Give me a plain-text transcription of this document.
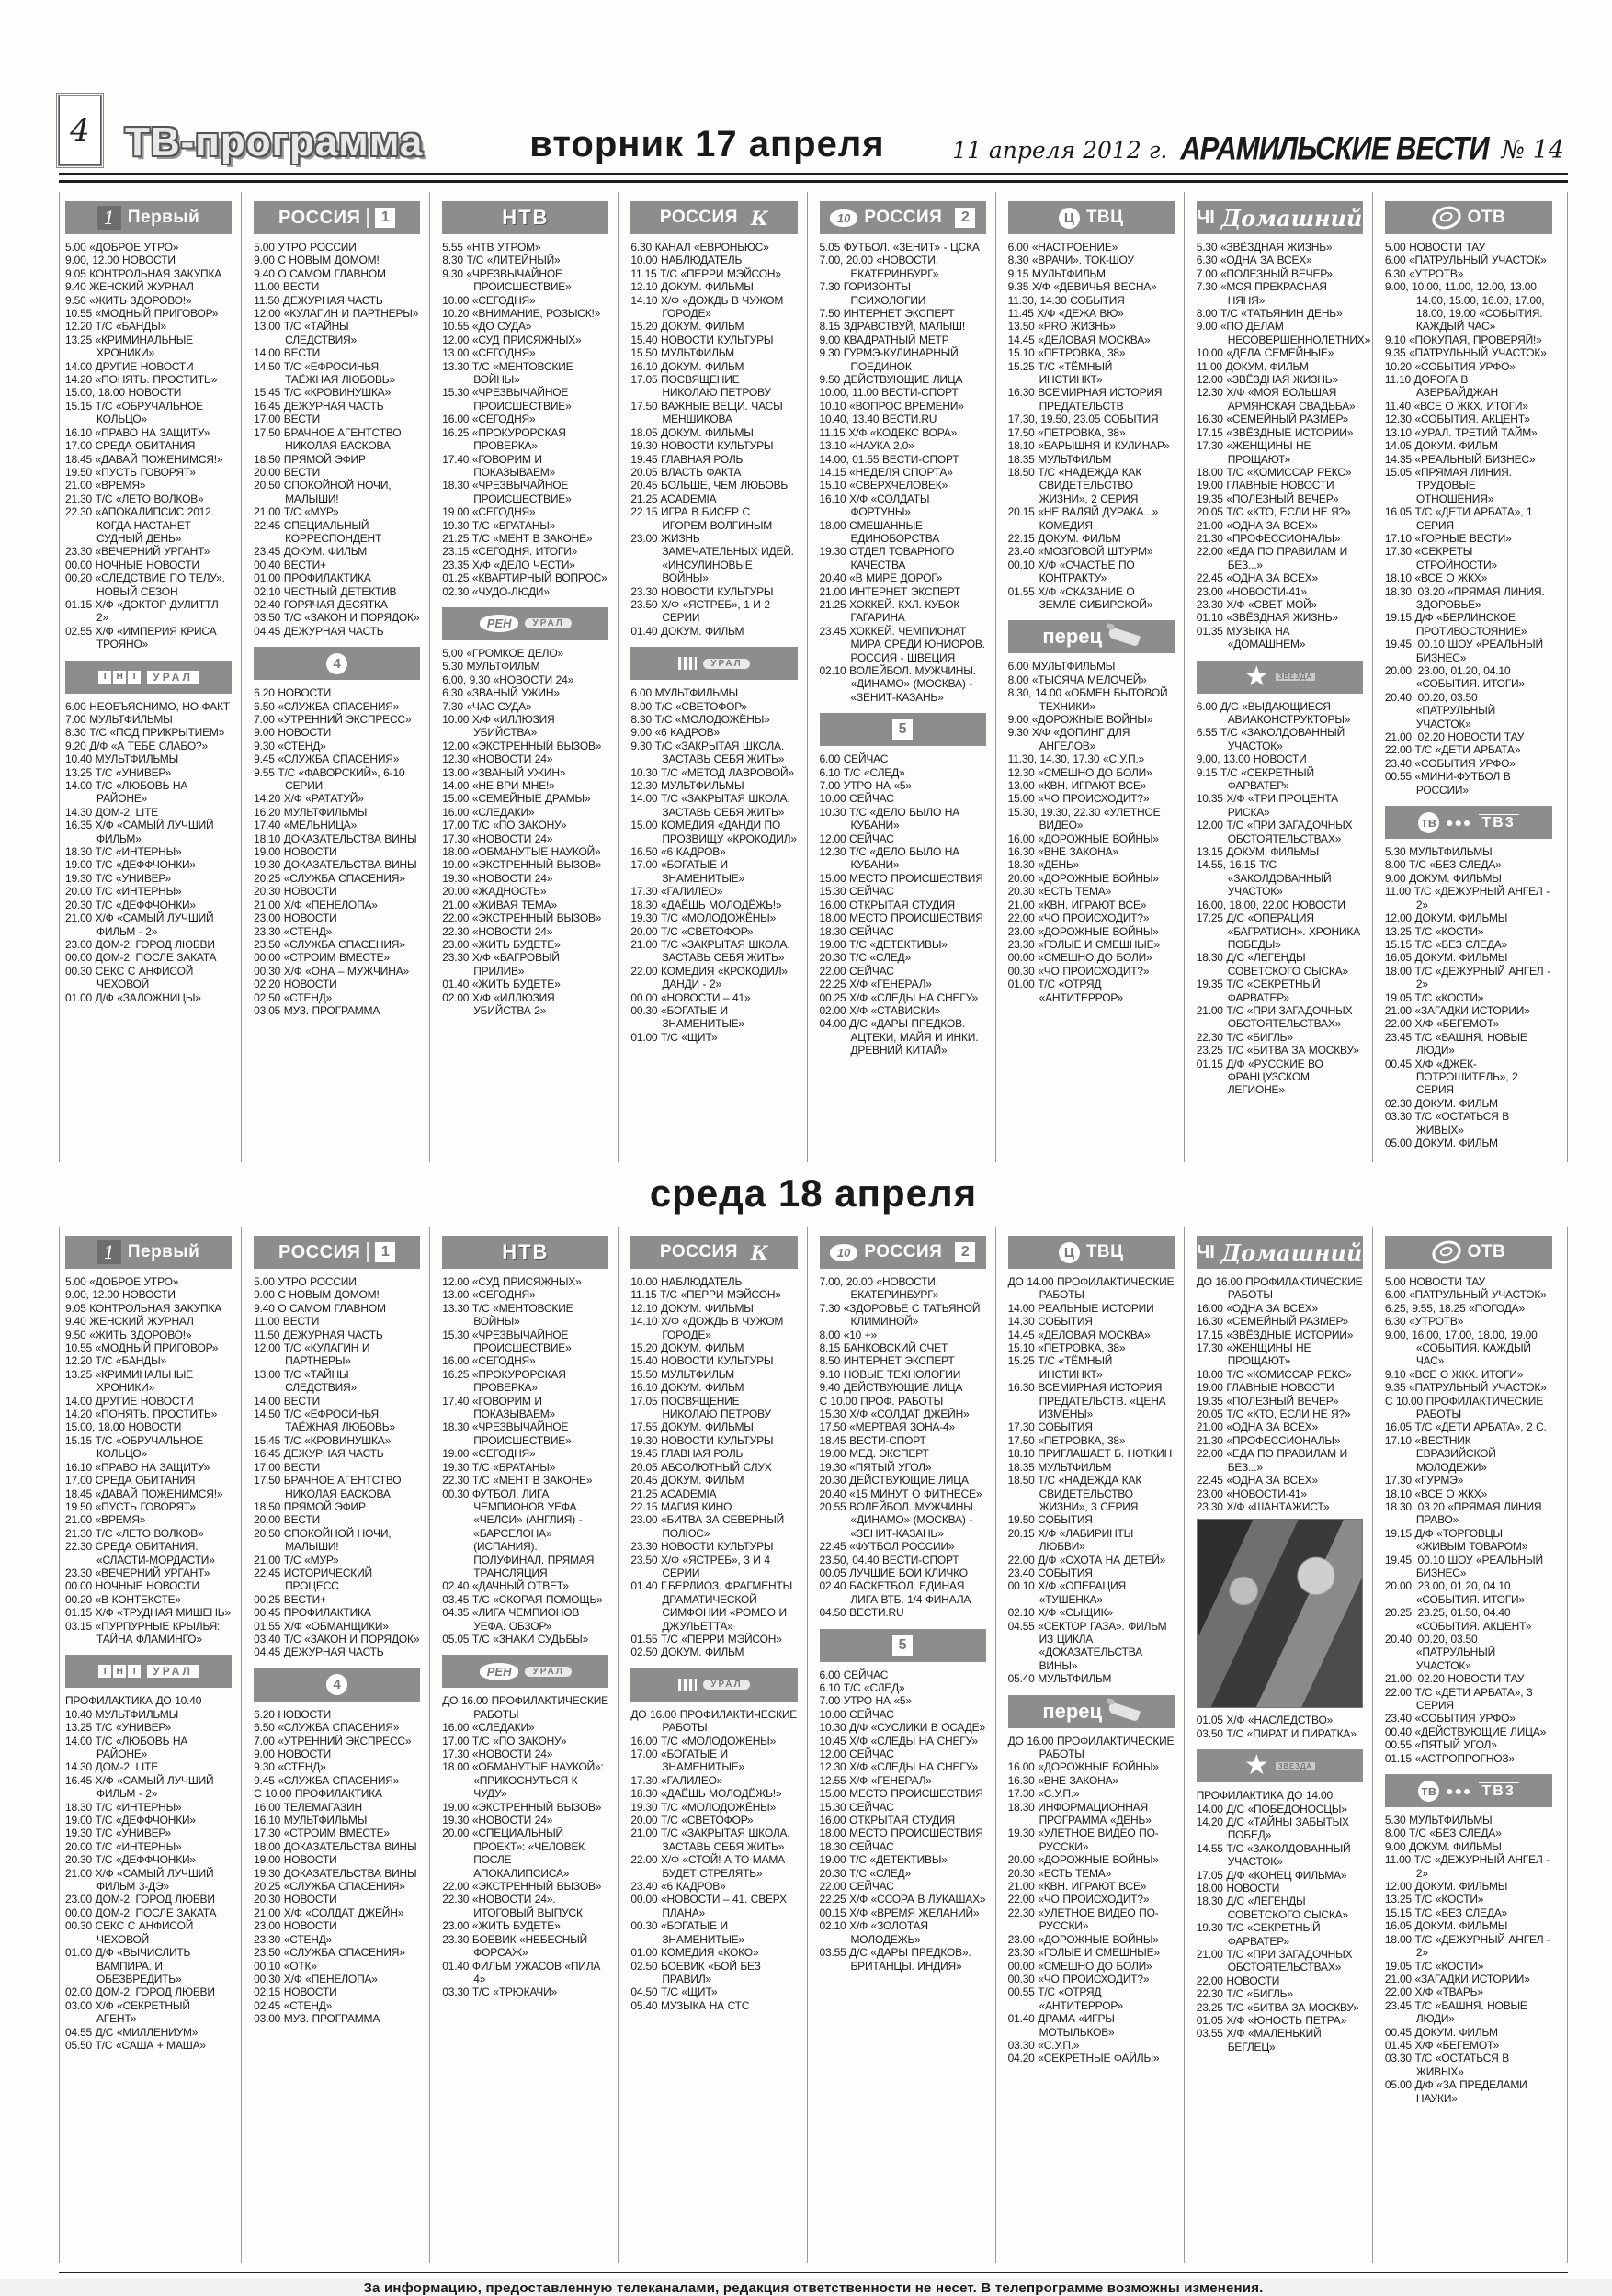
4 ТВ-программа	вторник 17 апреля	11 апреля 2012 г. АРАМИЛЬСКИЕ ВЕСТИ № 14
1 Первый
5.00 «ДОБРОЕ УТРО»
9.00, 12.00 НОВОСТИ
9.05 КОНТРОЛЬНАЯ ЗАКУПКА
9.40 ЖЕНСКИЙ ЖУРНАЛ
9.50 «ЖИТЬ ЗДОРОВО!»
10.55 «МОДНЫЙ ПРИГОВОР»
12.20 Т/С «БАНДЫ»
13.25 «КРИМИНАЛЬНЫЕ ХРОНИКИ»
14.00 ДРУГИЕ НОВОСТИ
14.20 «ПОНЯТЬ. ПРОСТИТЬ»
15.00, 18.00 НОВОСТИ
15.15 Т/С «ОБРУЧАЛЬНОЕ КОЛЬЦО»
16.10 «ПРАВО НА ЗАЩИТУ»
17.00 СРЕДА ОБИТАНИЯ
18.45 «ДАВАЙ ПОЖЕНИМСЯ!»
19.50 «ПУСТЬ ГОВОРЯТ»
21.00 «ВРЕМЯ»
21.30 Т/С «ЛЕТО ВОЛКОВ»
22.30 «АПОКАЛИПСИС 2012. КОГДА НАСТАНЕТ СУДНЫЙ ДЕНЬ»
23.30 «ВЕЧЕРНИЙ УРГАНТ»
00.00 НОЧНЫЕ НОВОСТИ
00.20 «СЛЕДСТВИЕ ПО ТЕЛУ». НОВЫЙ СЕЗОН
01.15 Х/Ф «ДОКТОР ДУЛИТТЛ 2»
02.55 Х/Ф «ИМПЕРИЯ КРИСА ТРОЯНО»
Т Н Т	УРАЛ
6.00 НЕОБЪЯСНИМО, НО ФАКТ
7.00 МУЛЬТФИЛЬМЫ
8.30 Т/С «ПОД ПРИКРЫТИЕМ»
9.20 Д/Ф «А ТЕБЕ СЛАБО?»
10.40 МУЛЬТФИЛЬМЫ
13.25 Т/С «УНИВЕР»
14.00 Т/С «ЛЮБОВЬ НА РАЙОНЕ»
14.30 ДОМ-2. LITE
16.35 Х/Ф «САМЫЙ ЛУЧШИЙ ФИЛЬМ»
18.30 Т/С «ИНТЕРНЫ»
19.00 Т/С «ДЕФФЧОНКИ»
19.30 Т/С «УНИВЕР»
20.00 Т/С «ИНТЕРНЫ»
20.30 Т/С «ДЕФФЧОНКИ»
21.00 Х/Ф «САМЫЙ ЛУЧШИЙ ФИЛЬМ - 2»
23.00 ДОМ-2. ГОРОД ЛЮБВИ
00.00 ДОМ-2. ПОСЛЕ ЗАКАТА
00.30 СЕКС С АНФИСОЙ ЧЕХОВОЙ
01.00 Д/Ф «ЗАЛОЖНИЦЫ»
РОССИЯ	1
5.00 УТРО РОССИИ
9.00 С НОВЫМ ДОМОМ!
9.40 О САМОМ ГЛАВНОМ
11.00 ВЕСТИ
11.50 ДЕЖУРНАЯ ЧАСТЬ
12.00 «КУЛАГИН И ПАРТНЕРЫ»
13.00 Т/С «ТАЙНЫ СЛЕДСТВИЯ»
14.00 ВЕСТИ
14.50 Т/С «ЕФРОСИНЬЯ. ТАЁЖНАЯ ЛЮБОВЬ»
15.45 Т/С «КРОВИНУШКА»
16.45 ДЕЖУРНАЯ ЧАСТЬ
17.00 ВЕСТИ
17.50 БРАЧНОЕ АГЕНТСТВО НИКОЛАЯ БАСКОВА
18.50 ПРЯМОЙ ЭФИР
20.00 ВЕСТИ
20.50 СПОКОЙНОЙ НОЧИ, МАЛЫШИ!
21.00 Т/С «МУР»
22.45 СПЕЦИАЛЬНЫЙ КОРРЕСПОНДЕНТ
23.45 ДОКУМ. ФИЛЬМ
00.40 ВЕСТИ+
01.00 ПРОФИЛАКТИКА
02.10 ЧЕСТНЫЙ ДЕТЕКТИВ
02.40 ГОРЯЧАЯ ДЕСЯТКА
03.50 Т/С «ЗАКОН И ПОРЯДОК»
04.45 ДЕЖУРНАЯ ЧАСТЬ
4
6.20 НОВОСТИ
6.50 «СЛУЖБА СПАСЕНИЯ»
7.00 «УТРЕННИЙ ЭКСПРЕСС»
9.00 НОВОСТИ
9.30 «СТЕНД»
9.45 «СЛУЖБА СПАСЕНИЯ»
9.55 Т/С «ФАВОРСКИЙ», 6-10 СЕРИИ
14.20 Х/Ф «РАТАТУЙ»
16.20 МУЛЬТФИЛЬМЫ
17.40 «МЕЛЬНИЦА»
18.10 ДОКАЗАТЕЛЬСТВА ВИНЫ
19.00 НОВОСТИ
19.30 ДОКАЗАТЕЛЬСТВА ВИНЫ
20.25 «СЛУЖБА СПАСЕНИЯ»
20.30 НОВОСТИ
21.00 Х/Ф «ПЕНЕЛОПА»
23.00 НОВОСТИ
23.30 «СТЕНД»
23.50 «СЛУЖБА СПАСЕНИЯ»
00.00 «СТРОИМ ВМЕСТЕ»
00.30 Х/Ф «ОНА – МУЖЧИНА»
02.20 НОВОСТИ
02.50 «СТЕНД»
03.05 МУЗ. ПРОГРАММА
НТВ
5.55 «НТВ УТРОМ»
8.30 Т/С «ЛИТЕЙНЫЙ»
9.30 «ЧРЕЗВЫЧАЙНОЕ ПРОИСШЕСТВИЕ»
10.00 «СЕГОДНЯ»
10.20 «ВНИМАНИЕ, РОЗЫСК!»
10.55 «ДО СУДА»
12.00 «СУД ПРИСЯЖНЫХ»
13.00 «СЕГОДНЯ»
13.30 Т/С «МЕНТОВСКИЕ ВОЙНЫ»
15.30 «ЧРЕЗВЫЧАЙНОЕ ПРОИСШЕСТВИЕ»
16.00 «СЕГОДНЯ»
16.25 «ПРОКУРОРСКАЯ ПРОВЕРКА»
17.40 «ГОВОРИМ И ПОКАЗЫВАЕМ»
18.30 «ЧРЕЗВЫЧАЙНОЕ ПРОИСШЕСТВИЕ»
19.00 «СЕГОДНЯ»
19.30 Т/С «БРАТАНЫ»
21.25 Т/С «МЕНТ В ЗАКОНЕ»
23.15 «СЕГОДНЯ. ИТОГИ»
23.35 Х/Ф «ДЕЛО ЧЕСТИ»
01.25 «КВАРТИРНЫЙ ВОПРОС»
02.30 «ЧУДО-ЛЮДИ»
РЕН	УРАЛ
5.00 «ГРОМКОЕ ДЕЛО»
5.30 МУЛЬТФИЛЬМ
6.00, 9.30 «НОВОСТИ 24»
6.30 «ЗВАНЫЙ УЖИН»
7.30 «ЧАС СУДА»
10.00 Х/Ф «ИЛЛЮЗИЯ УБИЙСТВА»
12.00 «ЭКСТРЕННЫЙ ВЫЗОВ»
12.30 «НОВОСТИ 24»
13.00 «ЗВАНЫЙ УЖИН»
14.00 «НЕ ВРИ МНЕ!»
15.00 «СЕМЕЙНЫЕ ДРАМЫ»
16.00 «СЛЕДАКИ»
17.00 Т/С «ПО ЗАКОНУ»
17.30 «НОВОСТИ 24»
18.00 «ОБМАНУТЫЕ НАУКОЙ»
19.00 «ЭКСТРЕННЫЙ ВЫЗОВ»
19.30 «НОВОСТИ 24»
20.00 «ЖАДНОСТЬ»
21.00 «ЖИВАЯ ТЕМА»
22.00 «ЭКСТРЕННЫЙ ВЫЗОВ»
22.30 «НОВОСТИ 24»
23.00 «ЖИТЬ БУДЕТЕ»
23.30 Х/Ф «БАГРОВЫЙ ПРИЛИВ»
01.40 «ЖИТЬ БУДЕТЕ»
02.00 Х/Ф «ИЛЛЮЗИЯ УБИЙСТВА 2»
РОССИЯ К
6.30 КАНАЛ «ЕВРОНЬЮС»
10.00 НАБЛЮДАТЕЛЬ
11.15 Т/С «ПЕРРИ МЭЙСОН»
12.10 ДОКУМ. ФИЛЬМЫ
14.10 Х/Ф «ДОЖДЬ В ЧУЖОМ ГОРОДЕ»
15.20 ДОКУМ. ФИЛЬМ
15.40 НОВОСТИ КУЛЬТУРЫ
15.50 МУЛЬТФИЛЬМ
16.10 ДОКУМ. ФИЛЬМ
17.05 ПОСВЯЩЕНИЕ НИКОЛАЮ ПЕТРОВУ
17.50 ВАЖНЫЕ ВЕЩИ. ЧАСЫ МЕНШИКОВА
18.05 ДОКУМ. ФИЛЬМЫ
19.30 НОВОСТИ КУЛЬТУРЫ
19.45 ГЛАВНАЯ РОЛЬ
20.05 ВЛАСТЬ ФАКТА
20.45 БОЛЬШЕ, ЧЕМ ЛЮБОВЬ
21.25 ACADEMIA
22.15 ИГРА В БИСЕР С ИГОРЕМ ВОЛГИНЫМ
23.00 ЖИЗНЬ ЗАМЕЧАТЕЛЬНЫХ ИДЕЙ. «ИНСУЛИНОВЫЕ ВОЙНЫ»
23.30 НОВОСТИ КУЛЬТУРЫ
23.50 Х/Ф «ЯСТРЕБ», 1 И 2 СЕРИИ
01.40 ДОКУМ. ФИЛЬМ
УРАЛ
6.00 МУЛЬТФИЛЬМЫ
8.00 Т/С «СВЕТОФОР»
8.30 Т/С «МОЛОДОЖЁНЫ»
9.00 «6 КАДРОВ»
9.30 Т/С «ЗАКРЫТАЯ ШКОЛА. ЗАСТАВЬ СЕБЯ ЖИТЬ»
10.30 Т/С «МЕТОД ЛАВРОВОЙ»
12.30 МУЛЬТФИЛЬМЫ
14.00 Т/С «ЗАКРЫТАЯ ШКОЛА. ЗАСТАВЬ СЕБЯ ЖИТЬ»
15.00 КОМЕДИЯ «ДАНДИ ПО ПРОЗВИЩУ «КРОКОДИЛ»
16.50 «6 КАДРОВ»
17.00 «БОГАТЫЕ И ЗНАМЕНИТЫЕ»
17.30 «ГАЛИЛЕО»
18.30 «ДАЁШЬ МОЛОДЁЖЬ!»
19.30 Т/С «МОЛОДОЖЁНЫ»
20.00 Т/С «СВЕТОФОР»
21.00 Т/С «ЗАКРЫТАЯ ШКОЛА. ЗАСТАВЬ СЕБЯ ЖИТЬ»
22.00 КОМЕДИЯ «КРОКОДИЛ» ДАНДИ - 2»
00.00 «НОВОСТИ – 41»
00.30 «БОГАТЫЕ И ЗНАМЕНИТЫЕ»
01.00 Т/С «ЩИТ»
10 РОССИЯ	2
5.05 ФУТБОЛ. «ЗЕНИТ» - ЦСКА
7.00, 20.00 «НОВОСТИ. ЕКАТЕРИНБУРГ»
7.30 ГОРИЗОНТЫ ПСИХОЛОГИИ
7.50 ИНТЕРНЕТ ЭКСПЕРТ
8.15 ЗДРАВСТВУЙ, МАЛЫШ!
9.00 КВАДРАТНЫЙ МЕТР
9.30 ГУРМЭ-КУЛИНАРНЫЙ ПОЕДИНОК
9.50 ДЕЙСТВУЮЩИЕ ЛИЦА
10.00, 11.00 ВЕСТИ-СПОРТ
10.10 «ВОПРОС ВРЕМЕНИ»
10.40, 13.40 ВЕСТИ.RU
11.15 Х/Ф «КОДЕКС ВОРА»
13.10 «НАУКА 2.0»
14.00, 01.55 ВЕСТИ-СПОРТ
14.15 «НЕДЕЛЯ СПОРТА»
15.10 «СВЕРХЧЕЛОВЕК»
16.10 Х/Ф «СОЛДАТЫ ФОРТУНЫ»
18.00 СМЕШАННЫЕ ЕДИНОБОРСТВА
19.30 ОТДЕЛ ТОВАРНОГО КАЧЕСТВА
20.40 «В МИРЕ ДОРОГ»
21.00 ИНТЕРНЕТ ЭКСПЕРТ
21.25 ХОККЕЙ. КХЛ. КУБОК ГАГАРИНА
23.45 ХОККЕЙ. ЧЕМПИОНАТ МИРА СРЕДИ ЮНИОРОВ. РОССИЯ - ШВЕЦИЯ
02.10 ВОЛЕЙБОЛ. МУЖЧИНЫ. «ДИНАМО» (МОСКВА) - «ЗЕНИТ-КАЗАНЬ»
5
6.00 СЕЙЧАС
6.10 Т/С «СЛЕД»
7.00 УТРО НА «5»
10.00 СЕЙЧАС
10.30 Т/С «ДЕЛО БЫЛО НА КУБАНИ»
12.00 СЕЙЧАС
12.30 Т/С «ДЕЛО БЫЛО НА КУБАНИ»
15.00 МЕСТО ПРОИСШЕСТВИЯ
15.30 СЕЙЧАС
16.00 ОТКРЫТАЯ СТУДИЯ
18.00 МЕСТО ПРОИСШЕСТВИЯ
18.30 СЕЙЧАС
19.00 Т/С «ДЕТЕКТИВЫ»
20.30 Т/С «СЛЕД»
22.00 СЕЙЧАС
22.25 Х/Ф «ГЕНЕРАЛ»
00.25 Х/Ф «СЛЕДЫ НА СНЕГУ»
02.00 Х/Ф «СТАВИСКИ»
04.00 Д/С «ДАРЫ ПРЕДКОВ. АЦТЕКИ, МАЙЯ И ИНКИ. ДРЕВНИЙ КИТАЙ»
Ц ТВЦ
6.00 «НАСТРОЕНИЕ»
8.30 «ВРАЧИ». ТОК-ШОУ
9.15 МУЛЬТФИЛЬМ
9.35 Х/Ф «ДЕВИЧЬЯ ВЕСНА»
11.30, 14.30 СОБЫТИЯ
11.45 Х/Ф «ДЕЖА ВЮ»
13.50 «PRO ЖИЗНЬ»
14.45 «ДЕЛОВАЯ МОСКВА»
15.10 «ПЕТРОВКА, 38»
15.25 Т/С «ТЁМНЫЙ ИНСТИНКТ»
16.30 ВСЕМИРНАЯ ИСТОРИЯ ПРЕДАТЕЛЬСТВ
17.30, 19.50, 23.05 СОБЫТИЯ
17.50 «ПЕТРОВКА, 38»
18.10 «БАРЫШНЯ И КУЛИНАР»
18.35 МУЛЬТФИЛЬМ
18.50 Т/С «НАДЕЖДА КАК СВИДЕТЕЛЬСТВО ЖИЗНИ», 2 СЕРИЯ
20.15 «НЕ ВАЛЯЙ ДУРАКА...» КОМЕДИЯ
22.15 ДОКУМ. ФИЛЬМ
23.40 «МОЗГОВОЙ ШТУРМ»
00.10 Х/Ф «СЧАСТЬЕ ПО КОНТРАКТУ»
01.55 Х/Ф «СКАЗАНИЕ О ЗЕМЛЕ СИБИРСКОЙ»
перец
6.00 МУЛЬТФИЛЬМЫ
8.00 «ТЫСЯЧА МЕЛОЧЕЙ»
8.30, 14.00 «ОБМЕН БЫТОВОЙ ТЕХНИКИ»
9.00 «ДОРОЖНЫЕ ВОЙНЫ»
9.30 Х/Ф «ДОПИНГ ДЛЯ АНГЕЛОВ»
11.30, 14.30, 17.30 «С.У.П.»
12.30 «СМЕШНО ДО БОЛИ»
13.00 «КВН. ИГРАЮТ ВСЕ»
15.00 «ЧО ПРОИСХОДИТ?»
15.30, 19.30, 22.30 «УЛЕТНОЕ ВИДЕО»
16.00 «ДОРОЖНЫЕ ВОЙНЫ»
16.30 «ВНЕ ЗАКОНА»
18.30 «ДЕНЬ»
20.00 «ДОРОЖНЫЕ ВОЙНЫ»
20.30 «ЕСТЬ ТЕМА»
21.00 «КВН. ИГРАЮТ ВСЕ»
22.00 «ЧО ПРОИСХОДИТ?»
23.00 «ДОРОЖНЫЕ ВОЙНЫ»
23.30 «ГОЛЫЕ И СМЕШНЫЕ»
00.00 «СМЕШНО ДО БОЛИ»
00.30 «ЧО ПРОИСХОДИТ?»
01.00 Т/С «ОТРЯД «АНТИТЕРРОР»
ЧІ Домашний
5.30 «ЗВЁЗДНАЯ ЖИЗНЬ»
6.30 «ОДНА ЗА ВСЕХ»
7.00 «ПОЛЕЗНЫЙ ВЕЧЕР»
7.30 «МОЯ ПРЕКРАСНАЯ НЯНЯ»
8.00 Т/С «ТАТЬЯНИН ДЕНЬ»
9.00 «ПО ДЕЛАМ НЕСОВЕРШЕННОЛЕТНИХ»
10.00 «ДЕЛА СЕМЕЙНЫЕ»
11.00 ДОКУМ. ФИЛЬМ
12.00 «ЗВЁЗДНАЯ ЖИЗНЬ»
12.30 Х/Ф «МОЯ БОЛЬШАЯ АРМЯНСКАЯ СВАДЬБА»
16.30 «СЕМЕЙНЫЙ РАЗМЕР»
17.15 «ЗВЁЗДНЫЕ ИСТОРИИ»
17.30 «ЖЕНЩИНЫ НЕ ПРОЩАЮТ»
18.00 Т/С «КОМИССАР РЕКС»
19.00 ГЛАВНЫЕ НОВОСТИ
19.35 «ПОЛЕЗНЫЙ ВЕЧЕР»
20.05 Т/С «КТО, ЕСЛИ НЕ Я?»
21.00 «ОДНА ЗА ВСЕХ»
21.30 «ПРОФЕССИОНАЛЫ»
22.00 «ЕДА ПО ПРАВИЛАМ И БЕЗ...»
22.45 «ОДНА ЗА ВСЕХ»
23.00 «НОВОСТИ-41»
23.30 Х/Ф «СВЕТ МОЙ»
01.10 «ЗВЁЗДНАЯ ЖИЗНЬ»
01.35 МУЗЫКА НА «ДОМАШНЕМ»
★	ЗВЕЗДА
6.00 Д/С «ВЫДАЮЩИЕСЯ АВИАКОНСТРУКТОРЫ»
6.55 Т/С «ЗАКОЛДОВАННЫЙ УЧАСТОК»
9.00, 13.00 НОВОСТИ
9.15 Т/С «СЕКРЕТНЫЙ ФАРВАТЕР»
10.35 Х/Ф «ТРИ ПРОЦЕНТА РИСКА»
12.00 Т/С «ПРИ ЗАГАДОЧНЫХ ОБСТОЯТЕЛЬСТВАХ»
13.15 ДОКУМ. ФИЛЬМЫ
14.55, 16.15 Т/С «ЗАКОЛДОВАННЫЙ УЧАСТОК»
16.00, 18.00, 22.00 НОВОСТИ
17.25 Д/С «ОПЕРАЦИЯ «БАГРАТИОН». ХРОНИКА ПОБЕДЫ»
18.30 Д/С «ЛЕГЕНДЫ СОВЕТСКОГО СЫСКА»
19.35 Т/С «СЕКРЕТНЫЙ ФАРВАТЕР»
21.00 Т/С «ПРИ ЗАГАДОЧНЫХ ОБСТОЯТЕЛЬСТВАХ»
22.30 Т/С «БИГЛЬ»
23.25 Т/С «БИТВА ЗА МОСКВУ»
01.15 Д/Ф «РУССКИЕ ВО ФРАНЦУЗСКОМ ЛЕГИОНЕ»
ОТВ
5.00 НОВОСТИ ТАУ
6.00 «ПАТРУЛЬНЫЙ УЧАСТОК»
6.30 «УТРОТВ»
9.00, 10.00, 11.00, 12.00, 13.00, 14.00, 15.00, 16.00, 17.00, 18.00, 19.00 «СОБЫТИЯ. КАЖДЫЙ ЧАС»
9.10 «ПОКУПАЯ, ПРОВЕРЯЙ!»
9.35 «ПАТРУЛЬНЫЙ УЧАСТОК»
10.20 «СОБЫТИЯ УРФО»
11.10 ДОРОГА В АЗЕРБАЙДЖАН
11.40 «ВСЕ О ЖКХ. ИТОГИ»
12.30 «СОБЫТИЯ. АКЦЕНТ»
13.10 «УРАЛ. ТРЕТИЙ ТАЙМ»
14.05 ДОКУМ. ФИЛЬМ
14.35 «РЕАЛЬНЫЙ БИЗНЕС»
15.05 «ПРЯМАЯ ЛИНИЯ. ТРУДОВЫЕ ОТНОШЕНИЯ»
16.05 Т/С «ДЕТИ АРБАТА», 1 СЕРИЯ
17.10 «ГОРНЫЕ ВЕСТИ»
17.30 «СЕКРЕТЫ СТРОЙНОСТИ»
18.10 «ВСЕ О ЖКХ»
18.30, 03.20 «ПРЯМАЯ ЛИНИЯ. ЗДОРОВЬЕ»
19.15 Д/Ф «БЕРЛИНСКОЕ ПРОТИВОСТОЯНИЕ»
19.45, 00.10 ШОУ «РЕАЛЬНЫЙ БИЗНЕС»
20.00, 23.00, 01.20, 04.10 «СОБЫТИЯ. ИТОГИ»
20.40, 00.20, 03.50 «ПАТРУЛЬНЫЙ УЧАСТОК»
21.00, 02.20 НОВОСТИ ТАУ
22.00 Т/С «ДЕТИ АРБАТА»
23.40 «СОБЫТИЯ УРФО»
00.55 «МИНИ-ФУТБОЛ В РОССИИ»
тв ●●● ТВ3
5.30 МУЛЬТФИЛЬМЫ
8.00 Т/С «БЕЗ СЛЕДА»
9.00 ДОКУМ. ФИЛЬМЫ
11.00 Т/С «ДЕЖУРНЫЙ АНГЕЛ - 2»
12.00 ДОКУМ. ФИЛЬМЫ
13.25 Т/С «КОСТИ»
15.15 Т/С «БЕЗ СЛЕДА»
16.05 ДОКУМ. ФИЛЬМЫ
18.00 Т/С «ДЕЖУРНЫЙ АНГЕЛ - 2»
19.05 Т/С «КОСТИ»
21.00 «ЗАГАДКИ ИСТОРИИ»
22.00 Х/Ф «БЕГЕМОТ»
23.45 Т/С «БАШНЯ. НОВЫЕ ЛЮДИ»
00.45 Х/Ф «ДЖЕК-ПОТРОШИТЕЛЬ», 2 СЕРИЯ
02.30 ДОКУМ. ФИЛЬМ
03.30 Т/С «ОСТАТЬСЯ В ЖИВЫХ»
05.00 ДОКУМ. ФИЛЬМ
среда 18 апреля
1 Первый
5.00 «ДОБРОЕ УТРО»
9.00, 12.00 НОВОСТИ
9.05 КОНТРОЛЬНАЯ ЗАКУПКА
9.40 ЖЕНСКИЙ ЖУРНАЛ
9.50 «ЖИТЬ ЗДОРОВО!»
10.55 «МОДНЫЙ ПРИГОВОР»
12.20 Т/С «БАНДЫ»
13.25 «КРИМИНАЛЬНЫЕ ХРОНИКИ»
14.00 ДРУГИЕ НОВОСТИ
14.20 «ПОНЯТЬ. ПРОСТИТЬ»
15.00, 18.00 НОВОСТИ
15.15 Т/С «ОБРУЧАЛЬНОЕ КОЛЬЦО»
16.10 «ПРАВО НА ЗАЩИТУ»
17.00 СРЕДА ОБИТАНИЯ
18.45 «ДАВАЙ ПОЖЕНИМСЯ!»
19.50 «ПУСТЬ ГОВОРЯТ»
21.00 «ВРЕМЯ»
21.30 Т/С «ЛЕТО ВОЛКОВ»
22.30 СРЕДА ОБИТАНИЯ. «СЛАСТИ-МОРДАСТИ»
23.30 «ВЕЧЕРНИЙ УРГАНТ»
00.00 НОЧНЫЕ НОВОСТИ
00.20 «В КОНТЕКСТЕ»
01.15 Х/Ф «ТРУДНАЯ МИШЕНЬ»
03.15 «ПУРПУРНЫЕ КРЫЛЬЯ: ТАЙНА ФЛАМИНГО»
Т Н Т	УРАЛ
ПРОФИЛАКТИКА ДО 10.40
10.40 МУЛЬТФИЛЬМЫ
13.25 Т/С «УНИВЕР»
14.00 Т/С «ЛЮБОВЬ НА РАЙОНЕ»
14.30 ДОМ-2. LITE
16.45 Х/Ф «САМЫЙ ЛУЧШИЙ ФИЛЬМ - 2»
18.30 Т/С «ИНТЕРНЫ»
19.00 Т/С «ДЕФФЧОНКИ»
19.30 Т/С «УНИВЕР»
20.00 Т/С «ИНТЕРНЫ»
20.30 Т/С «ДЕФФЧОНКИ»
21.00 Х/Ф «САМЫЙ ЛУЧШИЙ ФИЛЬМ 3-ДЭ»
23.00 ДОМ-2. ГОРОД ЛЮБВИ
00.00 ДОМ-2. ПОСЛЕ ЗАКАТА
00.30 СЕКС С АНФИСОЙ ЧЕХОВОЙ
01.00 Д/Ф «ВЫЧИСЛИТЬ ВАМПИРА. И ОБЕЗВРЕДИТЬ»
02.00 ДОМ-2. ГОРОД ЛЮБВИ
03.00 Х/Ф «СЕКРЕТНЫЙ АГЕНТ»
04.55 Д/С «МИЛЛЕНИУМ»
05.50 Т/С «САША + МАША»
РОССИЯ	1
5.00 УТРО РОССИИ
9.00 С НОВЫМ ДОМОМ!
9.40 О САМОМ ГЛАВНОМ
11.00 ВЕСТИ
11.50 ДЕЖУРНАЯ ЧАСТЬ
12.00 Т/С «КУЛАГИН И ПАРТНЕРЫ»
13.00 Т/С «ТАЙНЫ СЛЕДСТВИЯ»
14.00 ВЕСТИ
14.50 Т/С «ЕФРОСИНЬЯ. ТАЁЖНАЯ ЛЮБОВЬ»
15.45 Т/С «КРОВИНУШКА»
16.45 ДЕЖУРНАЯ ЧАСТЬ
17.00 ВЕСТИ
17.50 БРАЧНОЕ АГЕНТСТВО НИКОЛАЯ БАСКОВА
18.50 ПРЯМОЙ ЭФИР
20.00 ВЕСТИ
20.50 СПОКОЙНОЙ НОЧИ, МАЛЫШИ!
21.00 Т/С «МУР»
22.45 ИСТОРИЧЕСКИЙ ПРОЦЕСС
00.25 ВЕСТИ+
00.45 ПРОФИЛАКТИКА
01.55 Х/Ф «ОБМАНЩИКИ»
03.40 Т/С «ЗАКОН И ПОРЯДОК»
04.45 ДЕЖУРНАЯ ЧАСТЬ
4
6.20 НОВОСТИ
6.50 «СЛУЖБА СПАСЕНИЯ»
7.00 «УТРЕННИЙ ЭКСПРЕСС»
9.00 НОВОСТИ
9.30 «СТЕНД»
9.45 «СЛУЖБА СПАСЕНИЯ»
С 10.00 ПРОФИЛАКТИКА
16.00 ТЕЛЕМАГАЗИН
16.10 МУЛЬТФИЛЬМЫ
17.30 «СТРОИМ ВМЕСТЕ»
18.00 ДОКАЗАТЕЛЬСТВА ВИНЫ
19.00 НОВОСТИ
19.30 ДОКАЗАТЕЛЬСТВА ВИНЫ
20.25 «СЛУЖБА СПАСЕНИЯ»
20.30 НОВОСТИ
21.00 Х/Ф «СОЛДАТ ДЖЕЙН»
23.00 НОВОСТИ
23.30 «СТЕНД»
23.50 «СЛУЖБА СПАСЕНИЯ»
00.10 «ОТК»
00.30 Х/Ф «ПЕНЕЛОПА»
02.15 НОВОСТИ
02.45 «СТЕНД»
03.00 МУЗ. ПРОГРАММА
НТВ
12.00 «СУД ПРИСЯЖНЫХ»
13.00 «СЕГОДНЯ»
13.30 Т/С «МЕНТОВСКИЕ ВОЙНЫ»
15.30 «ЧРЕЗВЫЧАЙНОЕ ПРОИСШЕСТВИЕ»
16.00 «СЕГОДНЯ»
16.25 «ПРОКУРОРСКАЯ ПРОВЕРКА»
17.40 «ГОВОРИМ И ПОКАЗЫВАЕМ»
18.30 «ЧРЕЗВЫЧАЙНОЕ ПРОИСШЕСТВИЕ»
19.00 «СЕГОДНЯ»
19.30 Т/С «БРАТАНЫ»
22.30 Т/С «МЕНТ В ЗАКОНЕ»
00.30 ФУТБОЛ. ЛИГА ЧЕМПИОНОВ УЕФА. «ЧЕЛСИ» (АНГЛИЯ) - «БАРСЕЛОНА» (ИСПАНИЯ). ПОЛУФИНАЛ. ПРЯМАЯ ТРАНСЛЯЦИЯ
02.40 «ДАЧНЫЙ ОТВЕТ»
03.45 Т/С «СКОРАЯ ПОМОЩЬ»
04.35 «ЛИГА ЧЕМПИОНОВ УЕФА. ОБЗОР»
05.05 Т/С «ЗНАКИ СУДЬБЫ»
РЕН	УРАЛ
ДО 16.00 ПРОФИЛАКТИЧЕСКИЕ РАБОТЫ
16.00 «СЛЕДАКИ»
17.00 Т/С «ПО ЗАКОНУ»
17.30 «НОВОСТИ 24»
18.00 «ОБМАНУТЫЕ НАУКОЙ»: «ПРИКОСНУТЬСЯ К ЧУДУ»
19.00 «ЭКСТРЕННЫЙ ВЫЗОВ»
19.30 «НОВОСТИ 24»
20.00 «СПЕЦИАЛЬНЫЙ ПРОЕКТ»: «ЧЕЛОВЕК ПОСЛЕ АПОКАЛИПСИСА»
22.00 «ЭКСТРЕННЫЙ ВЫЗОВ»
22.30 «НОВОСТИ 24». ИТОГОВЫЙ ВЫПУСК
23.00 «ЖИТЬ БУДЕТЕ»
23.30 БОЕВИК «НЕБЕСНЫЙ ФОРСАЖ»
01.40 ФИЛЬМ УЖАСОВ «ПИЛА 4»
03.30 Т/С «ТРЮКАЧИ»
РОССИЯ К
10.00 НАБЛЮДАТЕЛЬ
11.15 Т/С «ПЕРРИ МЭЙСОН»
12.10 ДОКУМ. ФИЛЬМЫ
14.10 Х/Ф «ДОЖДЬ В ЧУЖОМ ГОРОДЕ»
15.20 ДОКУМ. ФИЛЬМ
15.40 НОВОСТИ КУЛЬТУРЫ
15.50 МУЛЬТФИЛЬМ
16.10 ДОКУМ. ФИЛЬМ
17.05 ПОСВЯЩЕНИЕ НИКОЛАЮ ПЕТРОВУ
17.55 ДОКУМ. ФИЛЬМЫ
19.30 НОВОСТИ КУЛЬТУРЫ
19.45 ГЛАВНАЯ РОЛЬ
20.05 АБСОЛЮТНЫЙ СЛУХ
20.45 ДОКУМ. ФИЛЬМ
21.25 ACADEMIA
22.15 МАГИЯ КИНО
23.00 «БИТВА ЗА СЕВЕРНЫЙ ПОЛЮС»
23.30 НОВОСТИ КУЛЬТУРЫ
23.50 Х/Ф «ЯСТРЕБ», 3 И 4 СЕРИИ
01.40 Г.БЕРЛИОЗ. ФРАГМЕНТЫ ДРАМАТИЧЕСКОЙ СИМФОНИИ «РОМЕО И ДЖУЛЬЕТТА»
01.55 Т/С «ПЕРРИ МЭЙСОН»
02.50 ДОКУМ. ФИЛЬМ
УРАЛ
ДО 16.00 ПРОФИЛАКТИЧЕСКИЕ РАБОТЫ
16.00 Т/С «МОЛОДОЖЁНЫ»
17.00 «БОГАТЫЕ И ЗНАМЕНИТЫЕ»
17.30 «ГАЛИЛЕО»
18.30 «ДАЁШЬ МОЛОДЁЖЬ!»
19.30 Т/С «МОЛОДОЖЁНЫ»
20.00 Т/С «СВЕТОФОР»
21.00 Т/С «ЗАКРЫТАЯ ШКОЛА. ЗАСТАВЬ СЕБЯ ЖИТЬ»
22.00 Х/Ф «СТОЙ! А ТО МАМА БУДЕТ СТРЕЛЯТЬ»
23.40 «6 КАДРОВ»
00.00 «НОВОСТИ – 41. СВЕРХ ПЛАНА»
00.30 «БОГАТЫЕ И ЗНАМЕНИТЫЕ»
01.00 КОМЕДИЯ «КОКО»
02.50 БОЕВИК «БОЙ БЕЗ ПРАВИЛ»
04.50 Т/С «ЩИТ»
05.40 МУЗЫКА НА СТС
10 РОССИЯ	2
7.00, 20.00 «НОВОСТИ. ЕКАТЕРИНБУРГ»
7.30 «ЗДОРОВЬЕ С ТАТЬЯНОЙ КЛИМИНОЙ»
8.00 «10 +»
8.15 БАНКОВСКИЙ СЧЕТ
8.50 ИНТЕРНЕТ ЭКСПЕРТ
9.10 НОВЫЕ ТЕХНОЛОГИИ
9.40 ДЕЙСТВУЮЩИЕ ЛИЦА
С 10.00 ПРОФ. РАБОТЫ
15.30 Х/Ф «СОЛДАТ ДЖЕЙН»
17.50 «МЕРТВАЯ ЗОНА-4»
18.45 ВЕСТИ-СПОРТ
19.00 МЕД. ЭКСПЕРТ
19.30 «ПЯТЫЙ УГОЛ»
20.30 ДЕЙСТВУЮЩИЕ ЛИЦА
20.40 «15 МИНУТ О ФИТНЕСЕ»
20.55 ВОЛЕЙБОЛ. МУЖЧИНЫ. «ДИНАМО» (МОСКВА) - «ЗЕНИТ-КАЗАНЬ»
22.45 «ФУТБОЛ РОССИИ»
23.50, 04.40 ВЕСТИ-СПОРТ
00.05 ЛУЧШИЕ БОИ КЛИЧКО
02.40 БАСКЕТБОЛ. ЕДИНАЯ ЛИГА ВТБ. 1/4 ФИНАЛА
04.50 ВЕСТИ.RU
5
6.00 СЕЙЧАС
6.10 Т/С «СЛЕД»
7.00 УТРО НА «5»
10.00 СЕЙЧАС
10.30 Д/Ф «СУСЛИКИ В ОСАДЕ»
10.45 Х/Ф «СЛЕДЫ НА СНЕГУ»
12.00 СЕЙЧАС
12.30 Х/Ф «СЛЕДЫ НА СНЕГУ»
12.55 Х/Ф «ГЕНЕРАЛ»
15.00 МЕСТО ПРОИСШЕСТВИЯ
15.30 СЕЙЧАС
16.00 ОТКРЫТАЯ СТУДИЯ
18.00 МЕСТО ПРОИСШЕСТВИЯ
18.30 СЕЙЧАС
19.00 Т/С «ДЕТЕКТИВЫ»
20.30 Т/С «СЛЕД»
22.00 СЕЙЧАС
22.25 Х/Ф «ССОРА В ЛУКАШАХ»
00.15 Х/Ф «ВРЕМЯ ЖЕЛАНИЙ»
02.10 Х/Ф «ЗОЛОТАЯ МОЛОДЕЖЬ»
03.55 Д/С «ДАРЫ ПРЕДКОВ». БРИТАНЦЫ. ИНДИЯ»
Ц ТВЦ
ДО 14.00 ПРОФИЛАКТИЧЕСКИЕ РАБОТЫ
14.00 РЕАЛЬНЫЕ ИСТОРИИ
14.30 СОБЫТИЯ
14.45 «ДЕЛОВАЯ МОСКВА»
15.10 «ПЕТРОВКА, 38»
15.25 Т/С «ТЁМНЫЙ ИНСТИНКТ»
16.30 ВСЕМИРНАЯ ИСТОРИЯ ПРЕДАТЕЛЬСТВ. «ЦЕНА ИЗМЕНЫ»
17.30 СОБЫТИЯ
17.50 «ПЕТРОВКА, 38»
18.10 ПРИГЛАШАЕТ Б. НОТКИН
18.35 МУЛЬТФИЛЬМ
18.50 Т/С «НАДЕЖДА КАК СВИДЕТЕЛЬСТВО ЖИЗНИ», 3 СЕРИЯ
19.50 СОБЫТИЯ
20.15 Х/Ф «ЛАБИРИНТЫ ЛЮБВИ»
22.00 Д/Ф «ОХОТА НА ДЕТЕЙ»
23.40 СОБЫТИЯ
00.10 Х/Ф «ОПЕРАЦИЯ «ТУШЕНКА»
02.10 Х/Ф «СЫЩИК»
04.55 «СЕКТОР ГАЗА». ФИЛЬМ ИЗ ЦИКЛА «ДОКАЗАТЕЛЬСТВА ВИНЫ»
05.40 МУЛЬТФИЛЬМ
перец
ДО 16.00 ПРОФИЛАКТИЧЕСКИЕ РАБОТЫ
16.00 «ДОРОЖНЫЕ ВОЙНЫ»
16.30 «ВНЕ ЗАКОНА»
17.30 «С.У.П.»
18.30 ИНФОРМАЦИОННАЯ ПРОГРАММА «ДЕНЬ»
19.30 «УЛЕТНОЕ ВИДЕО ПО-РУССКИ»
20.00 «ДОРОЖНЫЕ ВОЙНЫ»
20.30 «ЕСТЬ ТЕМА»
21.00 «КВН. ИГРАЮТ ВСЕ»
22.00 «ЧО ПРОИСХОДИТ?»
22.30 «УЛЕТНОЕ ВИДЕО ПО-РУССКИ»
23.00 «ДОРОЖНЫЕ ВОЙНЫ»
23.30 «ГОЛЫЕ И СМЕШНЫЕ»
00.00 «СМЕШНО ДО БОЛИ»
00.30 «ЧО ПРОИСХОДИТ?»
00.55 Т/С «ОТРЯД «АНТИТЕРРОР»
01.40 ДРАМА «ИГРЫ МОТЫЛЬКОВ»
03.30 «С.У.П.»
04.20 «СЕКРЕТНЫЕ ФАЙЛЫ»
ЧІ Домашний
ДО 16.00 ПРОФИЛАКТИЧЕСКИЕ РАБОТЫ
16.00 «ОДНА ЗА ВСЕХ»
16.30 «СЕМЕЙНЫЙ РАЗМЕР»
17.15 «ЗВЁЗДНЫЕ ИСТОРИИ»
17.30 «ЖЕНЩИНЫ НЕ ПРОЩАЮТ»
18.00 Т/С «КОМИССАР РЕКС»
19.00 ГЛАВНЫЕ НОВОСТИ
19.35 «ПОЛЕЗНЫЙ ВЕЧЕР»
20.05 Т/С «КТО, ЕСЛИ НЕ Я?»
21.00 «ОДНА ЗА ВСЕХ»
21.30 «ПРОФЕССИОНАЛЫ»
22.00 «ЕДА ПО ПРАВИЛАМ И БЕЗ...»
22.45 «ОДНА ЗА ВСЕХ»
23.00 «НОВОСТИ-41»
23.30 Х/Ф «ШАНТАЖИСТ»
01.05 Х/Ф «НАСЛЕДСТВО»
03.50 Т/С «ПИРАТ И ПИРАТКА»
★	ЗВЕЗДА
ПРОФИЛАКТИКА ДО 14.00
14.00 Д/С «ПОБЕДОНОСЦЫ»
14.20 Д/С «ТАЙНЫ ЗАБЫТЫХ ПОБЕД»
14.55 Т/С «ЗАКОЛДОВАННЫЙ УЧАСТОК»
17.05 Д/Ф «КОНЕЦ ФИЛЬМА»
18.00 НОВОСТИ
18.30 Д/С «ЛЕГЕНДЫ СОВЕТСКОГО СЫСКА»
19.30 Т/С «СЕКРЕТНЫЙ ФАРВАТЕР»
21.00 Т/С «ПРИ ЗАГАДОЧНЫХ ОБСТОЯТЕЛЬСТВАХ»
22.00 НОВОСТИ
22.30 Т/С «БИГЛЬ»
23.25 Т/С «БИТВА ЗА МОСКВУ»
01.05 Х/Ф «ЮНОСТЬ ПЕТРА»
03.55 Х/Ф «МАЛЕНЬКИЙ БЕГЛЕЦ»
ОТВ
5.00 НОВОСТИ ТАУ
6.00 «ПАТРУЛЬНЫЙ УЧАСТОК»
6.25, 9.55, 18.25 «ПОГОДА»
6.30 «УТРОТВ»
9.00, 16.00, 17.00, 18.00, 19.00 «СОБЫТИЯ. КАЖДЫЙ ЧАС»
9.10 «ВСЕ О ЖКХ. ИТОГИ»
9.35 «ПАТРУЛЬНЫЙ УЧАСТОК»
С 10.00 ПРОФИЛАКТИЧЕСКИЕ РАБОТЫ
16.05 Т/С «ДЕТИ АРБАТА», 2 С.
17.10 «ВЕСТНИК ЕВРАЗИЙСКОЙ МОЛОДЕЖИ»
17.30 «ГУРМЭ»
18.10 «ВСЕ О ЖКХ»
18.30, 03.20 «ПРЯМАЯ ЛИНИЯ. ПРАВО»
19.15 Д/Ф «ТОРГОВЦЫ «ЖИВЫМ ТОВАРОМ»
19.45, 00.10 ШОУ «РЕАЛЬНЫЙ БИЗНЕС»
20.00, 23.00, 01.20, 04.10 «СОБЫТИЯ. ИТОГИ»
20.25, 23.25, 01.50, 04.40 «СОБЫТИЯ. АКЦЕНТ»
20.40, 00.20, 03.50 «ПАТРУЛЬНЫЙ УЧАСТОК»
21.00, 02.20 НОВОСТИ ТАУ
22.00 Т/С «ДЕТИ АРБАТА», 3 СЕРИЯ
23.40 «СОБЫТИЯ УРФО»
00.40 «ДЕЙСТВУЮЩИЕ ЛИЦА»
00.55 «ПЯТЫЙ УГОЛ»
01.15 «АСТРОПРОГНОЗ»
тв ●●● ТВ3
5.30 МУЛЬТФИЛЬМЫ
8.00 Т/С «БЕЗ СЛЕДА»
9.00 ДОКУМ. ФИЛЬМЫ
11.00 Т/С «ДЕЖУРНЫЙ АНГЕЛ - 2»
12.00 ДОКУМ. ФИЛЬМЫ
13.25 Т/С «КОСТИ»
15.15 Т/С «БЕЗ СЛЕДА»
16.05 ДОКУМ. ФИЛЬМЫ
18.00 Т/С «ДЕЖУРНЫЙ АНГЕЛ - 2»
19.05 Т/С «КОСТИ»
21.00 «ЗАГАДКИ ИСТОРИИ»
22.00 Х/Ф «ТВАРЬ»
23.45 Т/С «БАШНЯ. НОВЫЕ ЛЮДИ»
00.45 ДОКУМ. ФИЛЬМ
01.45 Х/Ф «БЕГЕМОТ»
03.30 Т/С «ОСТАТЬСЯ В ЖИВЫХ»
05.00 Д/Ф «ЗА ПРЕДЕЛАМИ НАУКИ»
За информацию, предоставленную телеканалами, редакция ответственности не несет. В телепрограмме возможны изменения.
